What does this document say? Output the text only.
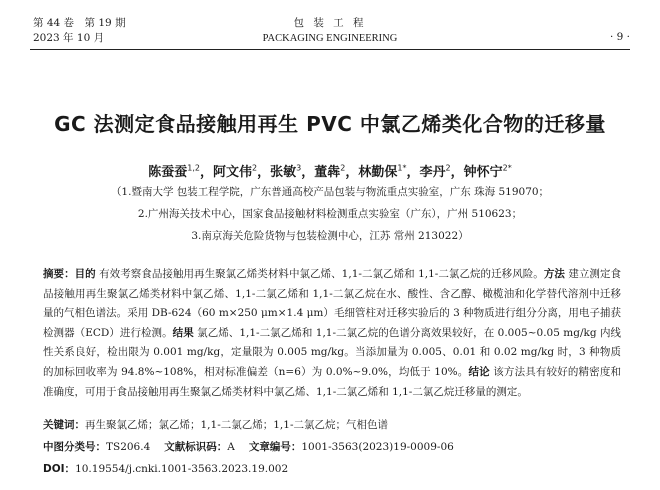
第 44 卷　第 19 期
2023 年 10 月
包 装 工 程
PACKAGING ENGINEERING	· 9 ·
GC 法测定食品接触用再生 PVC 中氯乙烯类化合物的迁移量
陈蚕蚕$^{1,2}$，阿文伟$^2$，张敏$^3$，董犇$^2$，林勤保$^{1*}$，李丹$^2$，钟怀宁$^{2*}$
（1.暨南大学 包装工程学院，广东普通高校产品包装与物流重点实验室，广东 珠海 519070；
2.广州海关技术中心，国家食品接触材料检测重点实验室（广东），广州 510623；
3.南京海关危险货物与包装检测中心，江苏 常州 213022）

摘要：目的 有效考察食品接触用再生聚氯乙烯类材料中氯乙烯、1,1-二氯乙烯和 1,1-二氯乙烷的迁移风险。方法 建立测定食品接触用再生聚氯乙烯类材料中氯乙烯、1,1-二氯乙烯和 1,1-二氯乙烷在水、酸性、含乙醇、橄榄油和化学替代溶剂中迁移量的气相色谱法。采用 DB-624（60 m×250 μm×1.4 μm）毛细管柱对迁移实验后的 3 种物质进行组分分离，用电子捕获检测器（ECD）进行检测。结果 氯乙烯、1,1-二氯乙烯和 1,1-二氯乙烷的色谱分离效果较好，在 0.005~0.05 mg/kg 内线性关系良好，检出限为 0.001 mg/kg，定量限为 0.005 mg/kg。当添加量为 0.005、0.01 和 0.02 mg/kg 时，3 种物质的加标回收率为 94.8%~108%，相对标准偏差（n=6）为 0.0%~9.0%，均低于 10%。结论 该方法具有较好的精密度和准确度，可用于食品接触用再生聚氯乙烯类材料中氯乙烯、1,1-二氯乙烯和 1,1-二氯乙烷迁移量的测定。

关键词：再生聚氯乙烯；氯乙烯；1,1-二氯乙烯；1,1-二氯乙烷；气相色谱
中图分类号：TS206.4 文献标识码：A 文章编号：1001-3563(2023)19-0009-06
DOI：10.19554/j.cnki.1001-3563.2023.19.002
